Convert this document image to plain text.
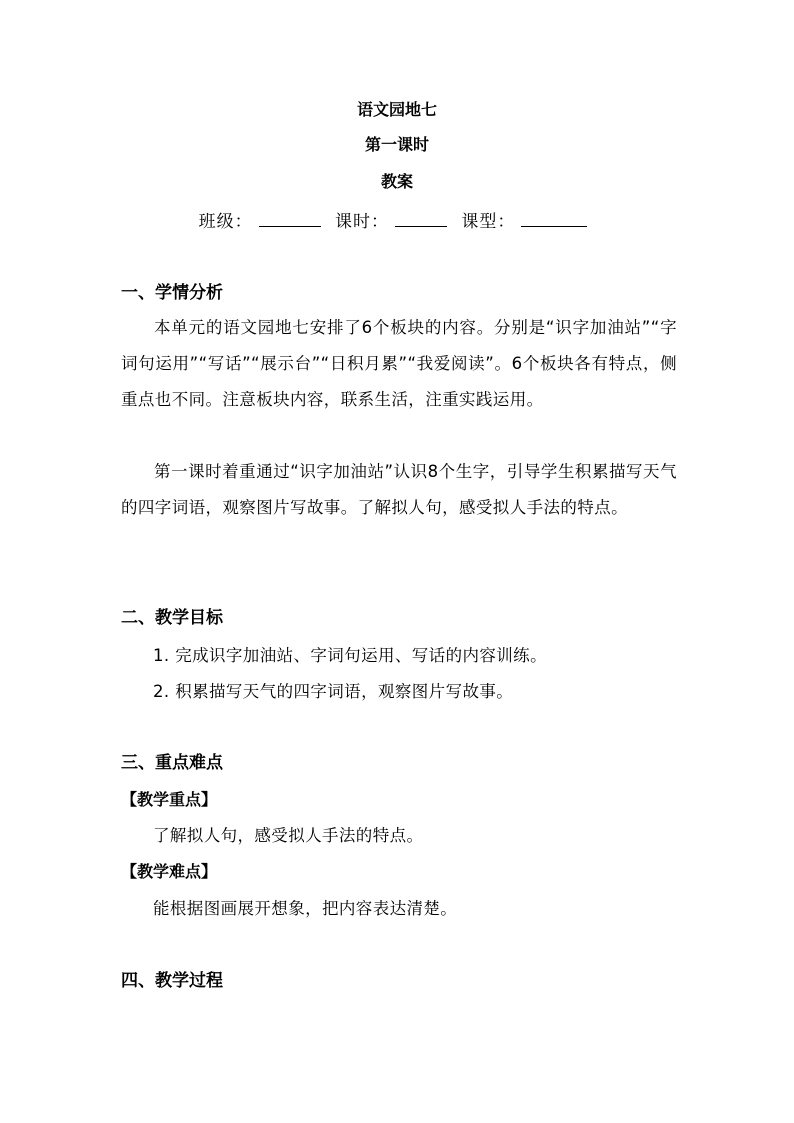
语文园地七
第一课时
教案
班级：	课时：	课型：
一、学情分析

本单元的语文园地七安排了6个板块的内容。分别是“识字加油站”“字词句运用”“写话”“展示台”“日积月累”“我爱阅读”。6个板块各有特点，侧重点也不同。注意板块内容，联系生活，注重实践运用。

第一课时着重通过“识字加油站”认识8个生字，引导学生积累描写天气的四字词语，观察图片写故事。了解拟人句，感受拟人手法的特点。

二、教学目标
1. 完成识字加油站、字词句运用、写话的内容训练。
2. 积累描写天气的四字词语，观察图片写故事。
三、重点难点
【教学重点】
了解拟人句，感受拟人手法的特点。
【教学难点】
能根据图画展开想象，把内容表达清楚。
四、教学过程
